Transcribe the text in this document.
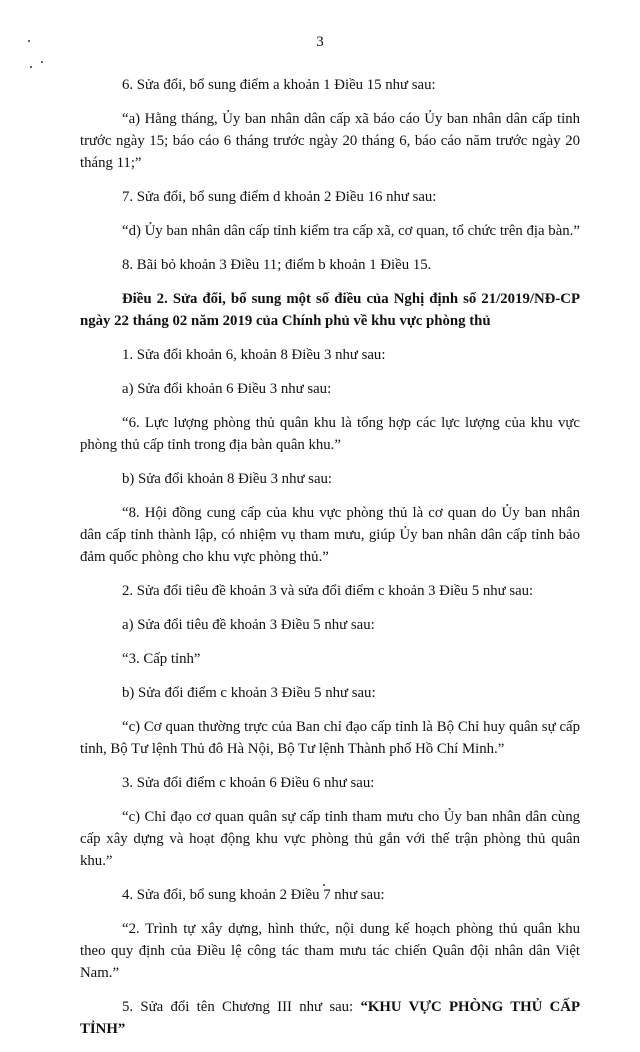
3

6. Sửa đổi, bổ sung điểm a khoản 1 Điều 15 như sau:

“a) Hằng tháng, Ủy ban nhân dân cấp xã báo cáo Ủy ban nhân dân cấp tỉnh trước ngày 15; báo cáo 6 tháng trước ngày 20 tháng 6, báo cáo năm trước ngày 20 tháng 11;”

7. Sửa đổi, bổ sung điểm d khoản 2 Điều 16 như sau:

“d) Ủy ban nhân dân cấp tỉnh kiểm tra cấp xã, cơ quan, tổ chức trên địa bàn.”

8. Bãi bỏ khoản 3 Điều 11; điểm b khoản 1 Điều 15.

Điều 2. Sửa đổi, bổ sung một số điều của Nghị định số 21/2019/NĐ-CP ngày 22 tháng 02 năm 2019 của Chính phủ về khu vực phòng thủ

1. Sửa đổi khoản 6, khoản 8 Điều 3 như sau:

a) Sửa đổi khoản 6 Điều 3 như sau:

“6. Lực lượng phòng thủ quân khu là tổng hợp các lực lượng của khu vực phòng thủ cấp tỉnh trong địa bàn quân khu.”

b) Sửa đổi khoản 8 Điều 3 như sau:

“8. Hội đồng cung cấp của khu vực phòng thủ là cơ quan do Ủy ban nhân dân cấp tỉnh thành lập, có nhiệm vụ tham mưu, giúp Ủy ban nhân dân cấp tỉnh bảo đảm quốc phòng cho khu vực phòng thủ.”

2. Sửa đổi tiêu đề khoản 3 và sửa đổi điểm c khoản 3 Điều 5 như sau:

a) Sửa đổi tiêu đề khoản 3 Điều 5 như sau:

“3. Cấp tỉnh”

b) Sửa đổi điểm c khoản 3 Điều 5 như sau:

“c) Cơ quan thường trực của Ban chỉ đạo cấp tỉnh là Bộ Chỉ huy quân sự cấp tỉnh, Bộ Tư lệnh Thủ đô Hà Nội, Bộ Tư lệnh Thành phố Hồ Chí Minh.”

3. Sửa đổi điểm c khoản 6 Điều 6 như sau:

“c) Chỉ đạo cơ quan quân sự cấp tỉnh tham mưu cho Ủy ban nhân dân cùng cấp xây dựng và hoạt động khu vực phòng thủ gắn với thế trận phòng thủ quân khu.”

4. Sửa đổi, bổ sung khoản 2 Điều 7 như sau:

“2. Trình tự xây dựng, hình thức, nội dung kế hoạch phòng thủ quân khu theo quy định của Điều lệ công tác tham mưu tác chiến Quân đội nhân dân Việt Nam.”

5. Sửa đổi tên Chương III như sau: “KHU VỰC PHÒNG THỦ CẤP TỈNH”
